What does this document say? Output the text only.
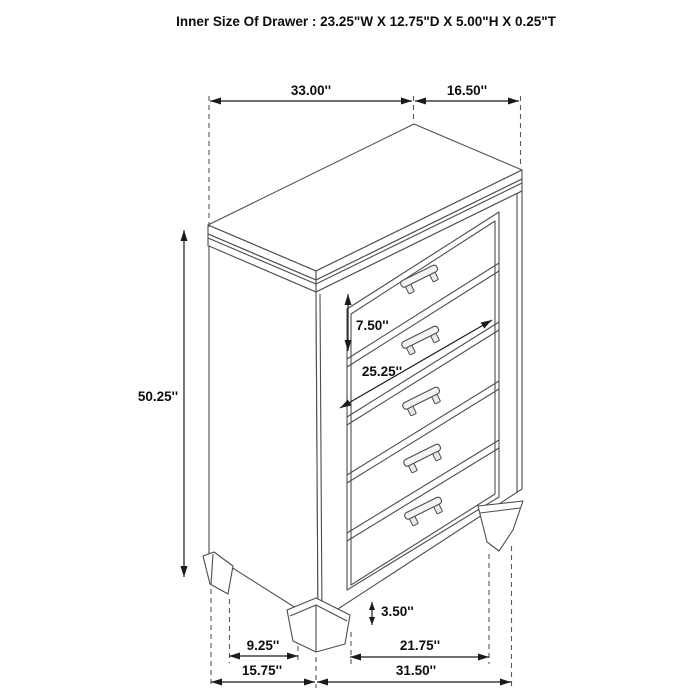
33.00''	16.50''
50.25''
7.50''
25.25''
3.50''
9.25''	21.75''
15.75''	31.50''
Inner Size Of Drawer : 23.25"W X 12.75"D X 5.00"H X 0.25"T
